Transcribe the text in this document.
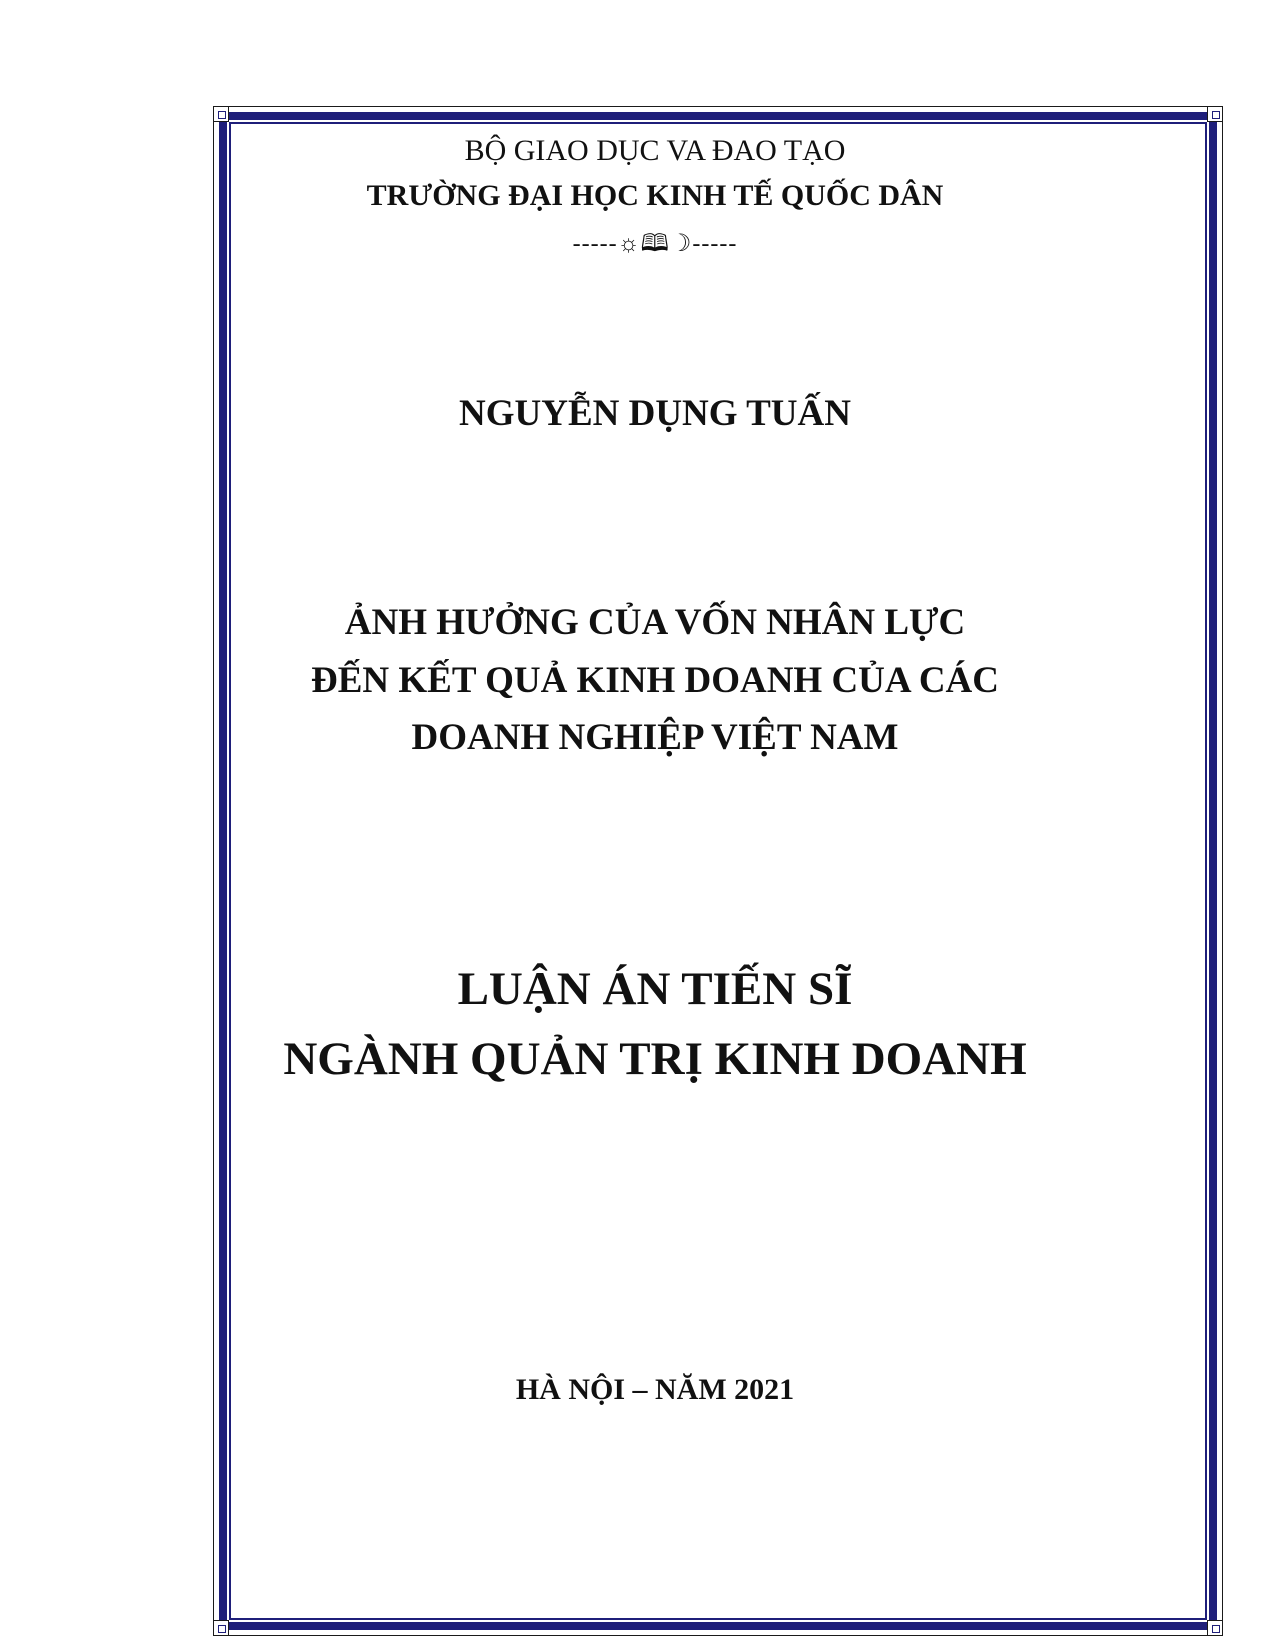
BỘ GIAO DỤC VA ĐAO TẠO
TRƯỜNG ĐẠI HỌC KINH TẾ QUỐC DÂN
-----☼🕮☽-----
NGUYỄN DỤNG TUẤN
ẢNH HƯỞNG CỦA VỐN NHÂN LỰC
ĐẾN KẾT QUẢ KINH DOANH CỦA CÁC
DOANH NGHIỆP VIỆT NAM
LUẬN ÁN TIẾN SĨ
NGÀNH QUẢN TRỊ KINH DOANH
HÀ NỘI – NĂM 2021
